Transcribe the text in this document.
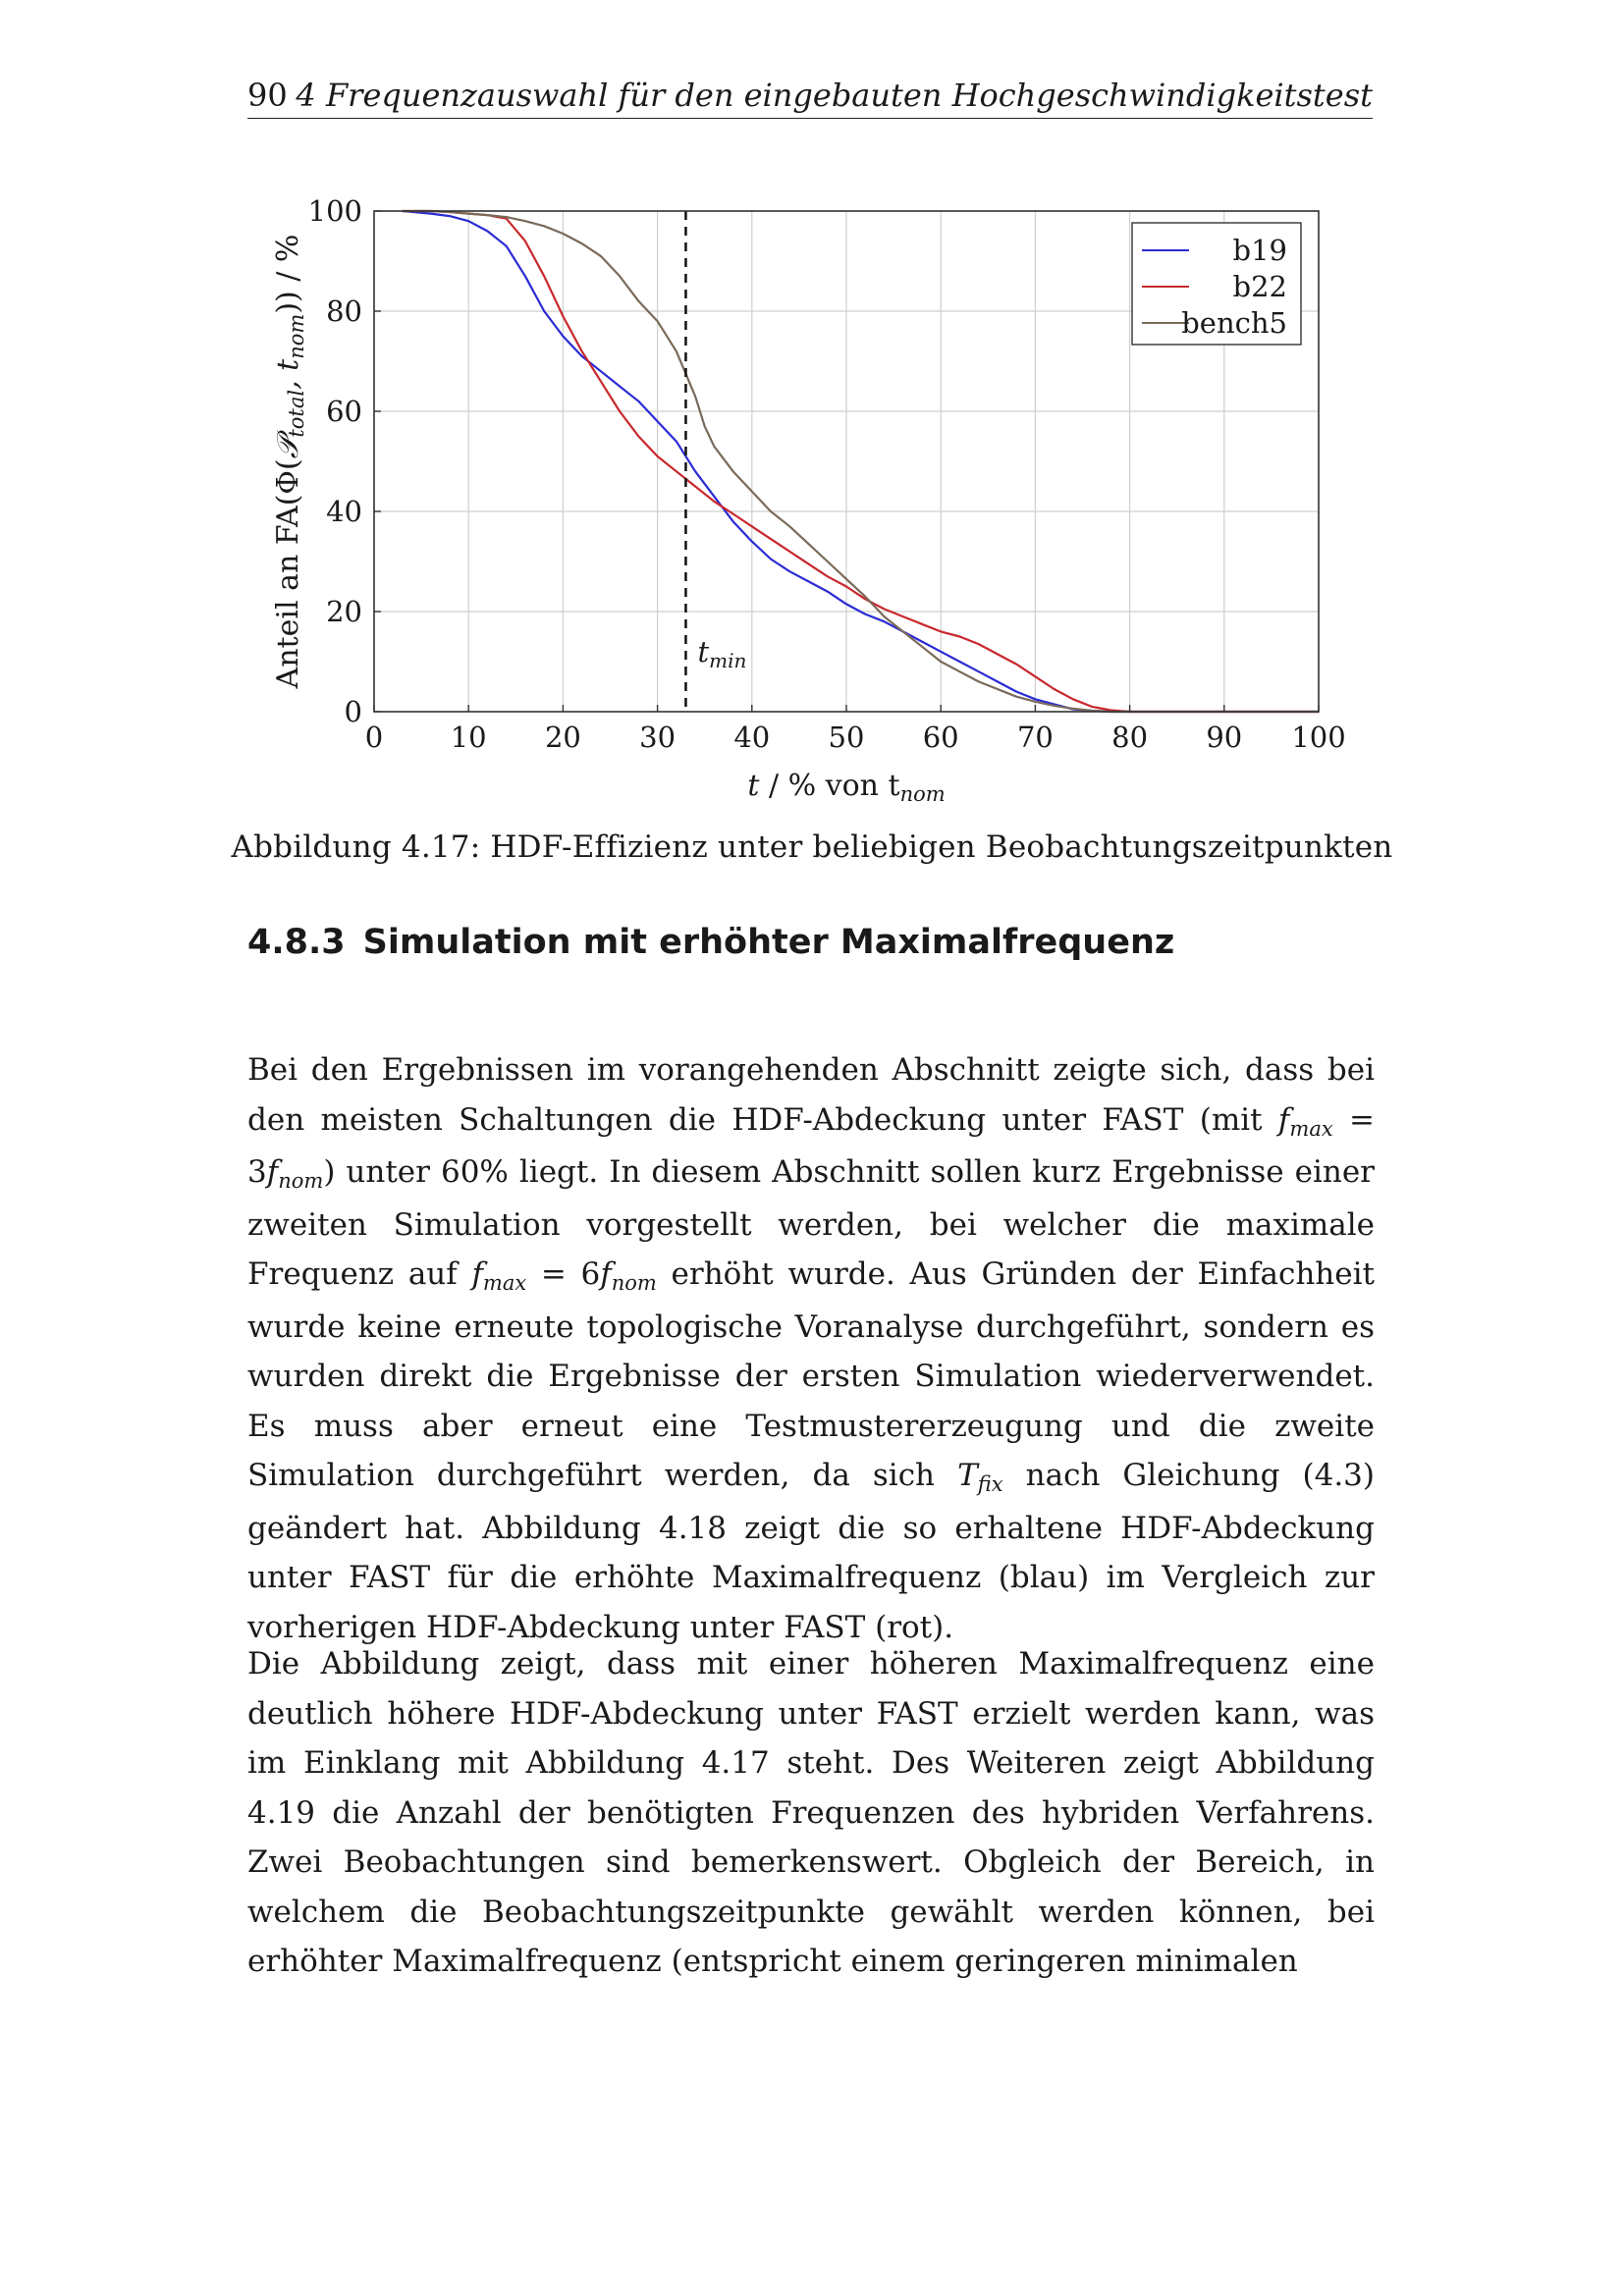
90 4 Frequenzauswahl für den eingebauten Hochgeschwindigkeitstest
0 10 20 30 40 50 60 70 80 90 100
0
20
40
60
80
100
$t_{min}$
b19
b22
bench5
t / % von $t_{nom}$
Anteil an FA(Φ(𝒫$_{total}$, $t_{nom}$)) / %
Abbildung 4.17: HDF-Effizienz unter beliebigen Beobachtungszeitpunkten
4.8.3 Simulation mit erhöhter Maximalfrequenz

Bei den Ergebnissen im vorangehenden Abschnitt zeigte sich, dass bei den meisten Schaltungen die HDF-Abdeckung unter FAST (mit fmax = 3fnom) unter 60% liegt. In diesem Abschnitt sollen kurz Ergebnisse einer zweiten Simulation vorgestellt werden, bei welcher die maximale Frequenz auf fmax = 6fnom erhöht wurde. Aus Gründen der Einfachheit wurde keine erneute topologische Voranalyse durchgeführt, sondern es wurden direkt die Ergebnisse der ersten Simulation wiederverwendet. Es muss aber erneut eine Testmustererzeugung und die zweite Simulation durchgeführt werden, da sich Tfix nach Gleichung (4.3) geändert hat. Abbildung 4.18 zeigt die so erhaltene HDF-Abdeckung unter FAST für die erhöhte Maximalfrequenz (blau) im Vergleich zur vorherigen HDF-Abdeckung unter FAST (rot).

Die Abbildung zeigt, dass mit einer höheren Maximalfrequenz eine deutlich höhere HDF-Abdeckung unter FAST erzielt werden kann, was im Einklang mit Abbildung 4.17 steht. Des Weiteren zeigt Abbildung 4.19 die Anzahl der benötigten Frequenzen des hybriden Verfahrens. Zwei Beobachtungen sind bemerkenswert. Obgleich der Bereich, in welchem die Beobachtungszeitpunkte gewählt werden können, bei erhöhter Maximalfrequenz (entspricht einem geringeren minimalen
